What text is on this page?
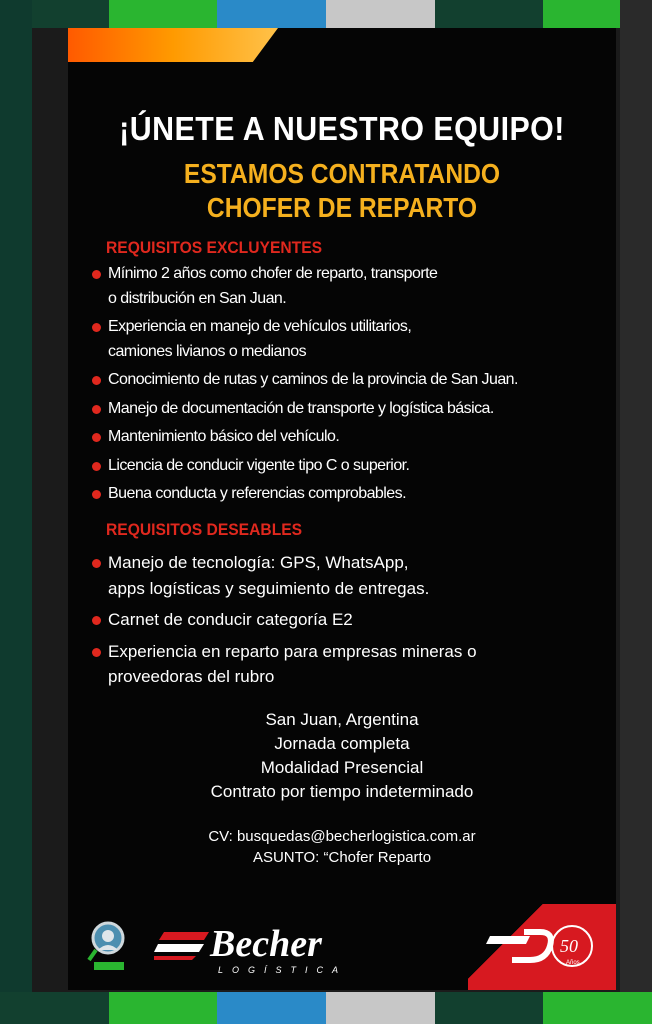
¡ÚNETE A NUESTRO EQUIPO!
ESTAMOS CONTRATANDO
CHOFER DE REPARTO
REQUISITOS EXCLUYENTES
Mínimo 2 años como chofer de reparto, transporte
o distribución en San Juan.
Experiencia en manejo de vehículos utilitarios,
camiones livianos o medianos
Conocimiento de rutas y caminos de la provincia de San Juan.
Manejo de documentación de transporte y logística básica.
Mantenimiento básico del vehículo.
Licencia de conducir vigente tipo C o superior.
Buena conducta y referencias comprobables.
REQUISITOS DESEABLES
Manejo de tecnología: GPS, WhatsApp,
apps logísticas y seguimiento de entregas.
Carnet de conducir categoría E2
Experiencia en reparto para empresas mineras o
proveedoras del rubro
San Juan, Argentina
Jornada completa
Modalidad Presencial
Contrato por tiempo indeterminado
CV: busquedas@becherlogistica.com.ar
ASUNTO: “Chofer Reparto
Becher
LOGÍSTICA
50
Años
